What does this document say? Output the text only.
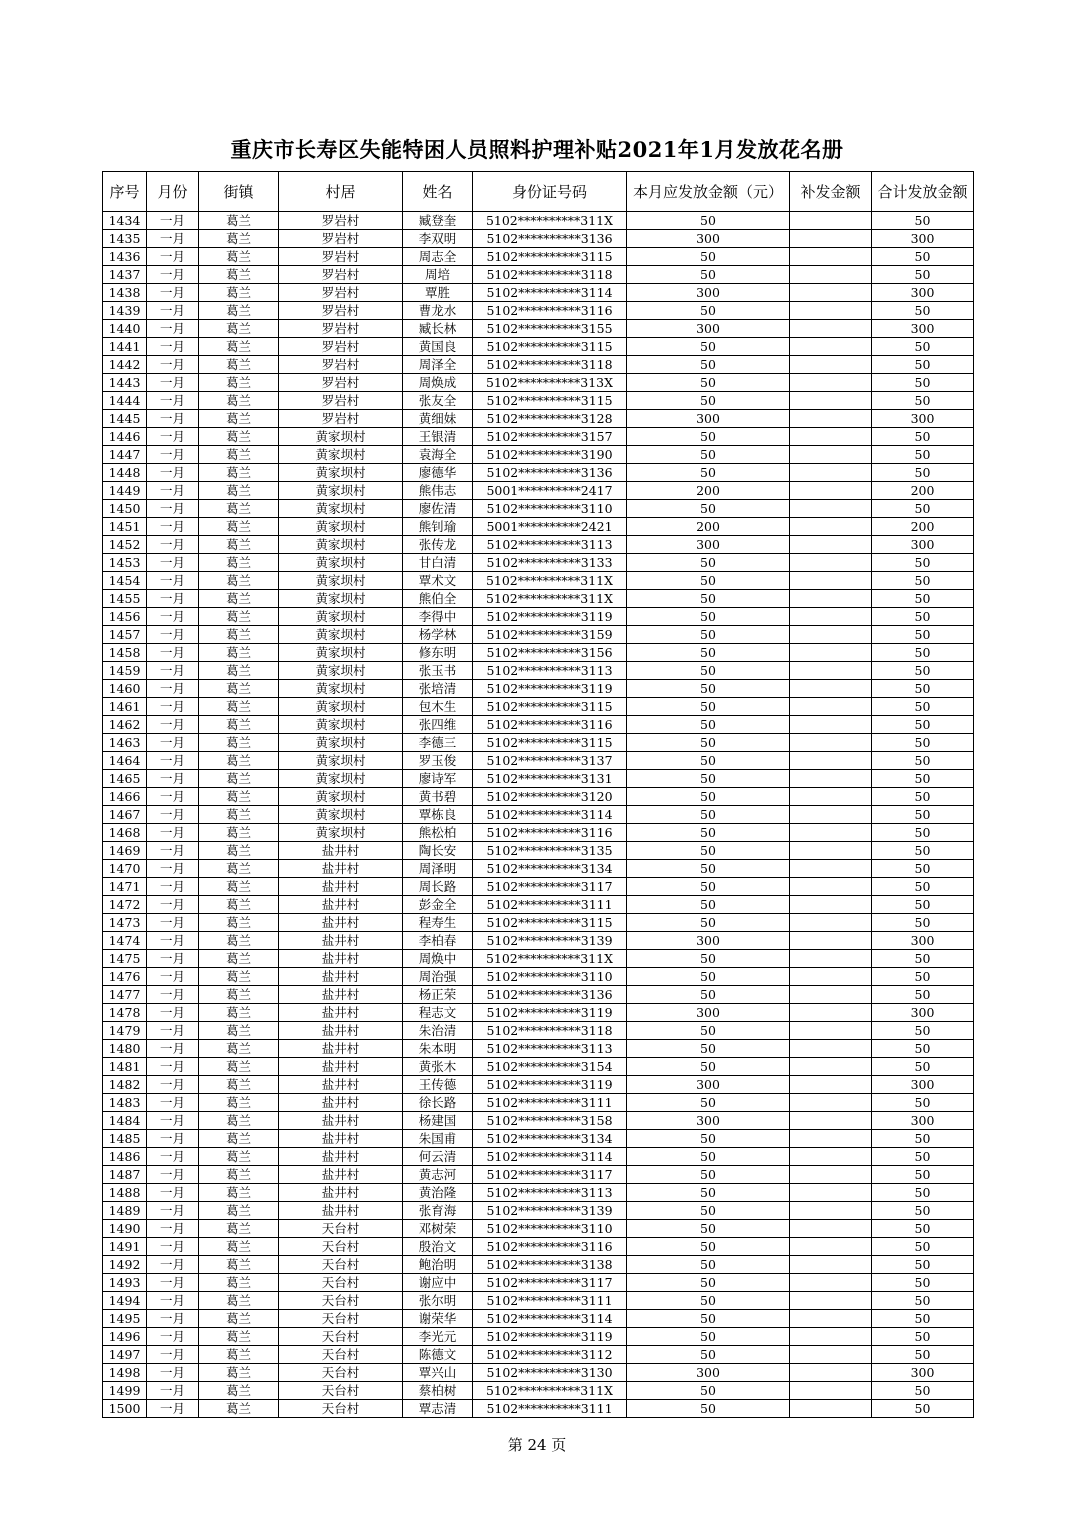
重庆市长寿区失能特困人员照料护理补贴2021年1月发放花名册
序号	月份	街镇	村居	姓名	身份证号码	本月应发放金额（元）	补发金额	合计发放金额
1434	一月	葛兰	罗岩村	臧登奎	5102**********311X	50		50
1435	一月	葛兰	罗岩村	李双明	5102**********3136	300		300
1436	一月	葛兰	罗岩村	周志全	5102**********3115	50		50
1437	一月	葛兰	罗岩村	周培	5102**********3118	50		50
1438	一月	葛兰	罗岩村	覃胜	5102**********3114	300		300
1439	一月	葛兰	罗岩村	曹龙水	5102**********3116	50		50
1440	一月	葛兰	罗岩村	臧长林	5102**********3155	300		300
1441	一月	葛兰	罗岩村	黄国良	5102**********3115	50		50
1442	一月	葛兰	罗岩村	周泽全	5102**********3118	50		50
1443	一月	葛兰	罗岩村	周焕成	5102**********313X	50		50
1444	一月	葛兰	罗岩村	张友全	5102**********3115	50		50
1445	一月	葛兰	罗岩村	黄细妹	5102**********3128	300		300
1446	一月	葛兰	黄家坝村	王银清	5102**********3157	50		50
1447	一月	葛兰	黄家坝村	袁海全	5102**********3190	50		50
1448	一月	葛兰	黄家坝村	廖德华	5102**********3136	50		50
1449	一月	葛兰	黄家坝村	熊伟志	5001**********2417	200		200
1450	一月	葛兰	黄家坝村	廖佐清	5102**********3110	50		50
1451	一月	葛兰	黄家坝村	熊钊瑜	5001**********2421	200		200
1452	一月	葛兰	黄家坝村	张传龙	5102**********3113	300		300
1453	一月	葛兰	黄家坝村	甘白清	5102**********3133	50		50
1454	一月	葛兰	黄家坝村	覃术文	5102**********311X	50		50
1455	一月	葛兰	黄家坝村	熊伯全	5102**********311X	50		50
1456	一月	葛兰	黄家坝村	李得中	5102**********3119	50		50
1457	一月	葛兰	黄家坝村	杨学林	5102**********3159	50		50
1458	一月	葛兰	黄家坝村	修东明	5102**********3156	50		50
1459	一月	葛兰	黄家坝村	张玉书	5102**********3113	50		50
1460	一月	葛兰	黄家坝村	张培清	5102**********3119	50		50
1461	一月	葛兰	黄家坝村	包木生	5102**********3115	50		50
1462	一月	葛兰	黄家坝村	张四维	5102**********3116	50		50
1463	一月	葛兰	黄家坝村	李德三	5102**********3115	50		50
1464	一月	葛兰	黄家坝村	罗玉俊	5102**********3137	50		50
1465	一月	葛兰	黄家坝村	廖诗军	5102**********3131	50		50
1466	一月	葛兰	黄家坝村	黄书碧	5102**********3120	50		50
1467	一月	葛兰	黄家坝村	覃栋良	5102**********3114	50		50
1468	一月	葛兰	黄家坝村	熊松柏	5102**********3116	50		50
1469	一月	葛兰	盐井村	陶长安	5102**********3135	50		50
1470	一月	葛兰	盐井村	周泽明	5102**********3134	50		50
1471	一月	葛兰	盐井村	周长路	5102**********3117	50		50
1472	一月	葛兰	盐井村	彭金全	5102**********3111	50		50
1473	一月	葛兰	盐井村	程寿生	5102**********3115	50		50
1474	一月	葛兰	盐井村	李柏春	5102**********3139	300		300
1475	一月	葛兰	盐井村	周焕中	5102**********311X	50		50
1476	一月	葛兰	盐井村	周治强	5102**********3110	50		50
1477	一月	葛兰	盐井村	杨正荣	5102**********3136	50		50
1478	一月	葛兰	盐井村	程志文	5102**********3119	300		300
1479	一月	葛兰	盐井村	朱治清	5102**********3118	50		50
1480	一月	葛兰	盐井村	朱本明	5102**********3113	50		50
1481	一月	葛兰	盐井村	黄张木	5102**********3154	50		50
1482	一月	葛兰	盐井村	王传德	5102**********3119	300		300
1483	一月	葛兰	盐井村	徐长路	5102**********3111	50		50
1484	一月	葛兰	盐井村	杨建国	5102**********3158	300		300
1485	一月	葛兰	盐井村	朱国甫	5102**********3134	50		50
1486	一月	葛兰	盐井村	何云清	5102**********3114	50		50
1487	一月	葛兰	盐井村	黄志河	5102**********3117	50		50
1488	一月	葛兰	盐井村	黄治隆	5102**********3113	50		50
1489	一月	葛兰	盐井村	张育海	5102**********3139	50		50
1490	一月	葛兰	天台村	邓树荣	5102**********3110	50		50
1491	一月	葛兰	天台村	殷治文	5102**********3116	50		50
1492	一月	葛兰	天台村	鲍治明	5102**********3138	50		50
1493	一月	葛兰	天台村	谢应中	5102**********3117	50		50
1494	一月	葛兰	天台村	张尔明	5102**********3111	50		50
1495	一月	葛兰	天台村	谢荣华	5102**********3114	50		50
1496	一月	葛兰	天台村	李光元	5102**********3119	50		50
1497	一月	葛兰	天台村	陈德文	5102**********3112	50		50
1498	一月	葛兰	天台村	覃兴山	5102**********3130	300		300
1499	一月	葛兰	天台村	蔡柏树	5102**********311X	50		50
1500	一月	葛兰	天台村	覃志清	5102**********3111	50		50
第 24 页
